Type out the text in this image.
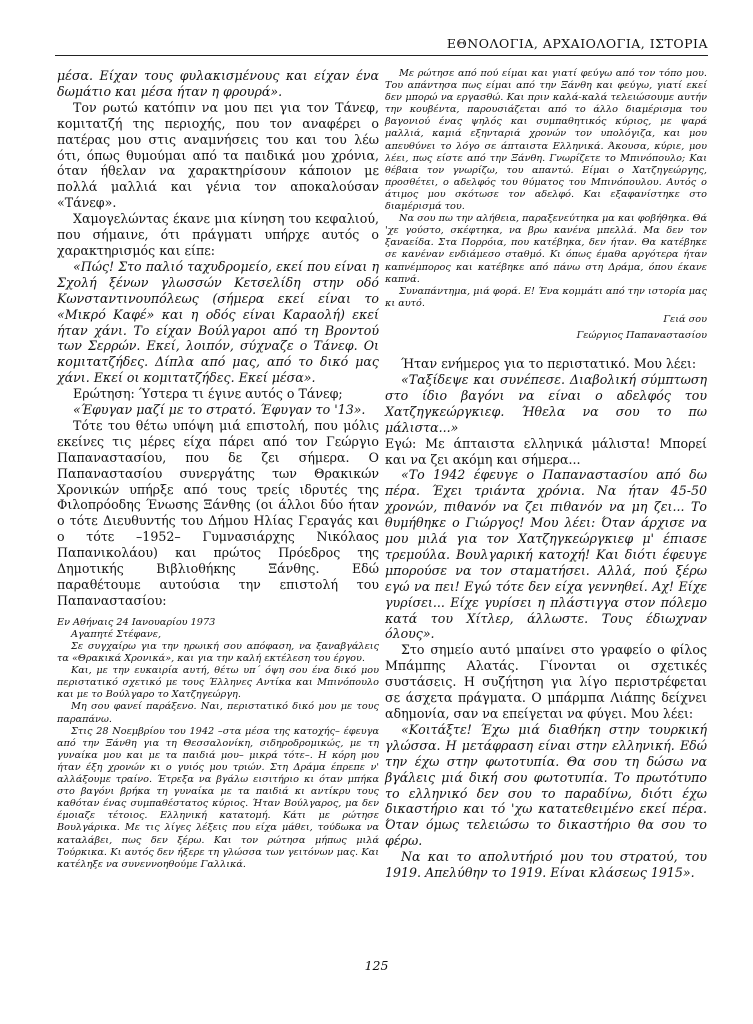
ΕΘΝΟΛΟΓΙΑ, ΑΡΧΑΙΟΛΟΓΙΑ, ΙΣΤΟΡΙΑ

μέσα. Είχαν τους φυλακισμένους και είχαν ένα δωμάτιο και μέσα ήταν η φρουρά».

Τον ρωτώ κατόπιν να μου πει για τον Τάνεφ, κομιτατζή της περιοχής, που τον αναφέρει ο πατέρας μου στις αναμνήσεις του και του λέω ότι, όπως θυμούμαι από τα παιδικά μου χρόνια, όταν ήθελαν να χαρακτηρίσουν κάποιον με πολλά μαλλιά και γένια τον αποκαλούσαν «Τάνεφ».

Χαμογελώντας έκανε μια κίνηση του κεφαλιού, που σήμαινε, ότι πράγματι υπήρχε αυτός ο χαρακτηρισμός και είπε:

«Πώς! Στο παλιό ταχυδρομείο, εκεί που είναι η Σχολή ξένων γλωσσών Κετσελίδη στην οδό Κωνσταντινουπόλεως (σήμερα εκεί είναι το «Μικρό Καφέ» και η οδός είναι Καραολή) εκεί ήταν χάνι. Το είχαν Βούλγαροι από τη Βροντού των Σερρών. Εκεί, λοιπόν, σύχναζε ο Τάνεφ. Οι κομιτατζήδες. Δίπλα από μας, από το δικό μας χάνι. Εκεί οι κομιτατζήδες. Εκεί μέσα».

Ερώτηση: Ύστερα τι έγινε αυτός ο Τάνεφ;

«Έφυγαν μαζί με το στρατό. Έφυγαν το '13».

Τότε του θέτω υπόψη μιά επιστολή, που μόλις εκείνες τις μέρες είχα πάρει από τον Γεώργιο Παπαναστασίου, που δε ζει σήμερα. Ο Παπαναστασίου συνεργάτης των Θρακικών Χρονικών υπήρξε από τους τρείς ιδρυτές της Φιλοπρόοδης Ένωσης Ξάνθης (οι άλλοι δύο ήταν ο τότε Διευθυντής του Δήμου Ηλίας Γεραγάς και ο τότε –1952– Γυμνασιάρχης Νικόλαος Παπανικολάου) και πρώτος Πρόεδρος της Δημοτικής Βιβλιοθήκης Ξάνθης. Εδώ παραθέτουμε αυτούσια την επιστολή του Παπαναστασίου:

Εν Αθήναις 24 Ιανουαρίου 1973

Αγαπητέ Στέφανε,

Σε συγχαίρω για την ηρωική σου απόφαση, να ξαναβγάλεις τα «Θρακικά Χρονικά», και για την καλή εκτέλεση του έργου.

Και, με την ευκαιρία αυτή, θέτω υπ΄ όψη σου ένα δικό μου περιστατικό σχετικό με τους Έλληνες Αντίκα και Μπινόπουλο και με το Βούλγαρο το Χατζηγεώργη.

Μη σου φανεί παράξενο. Ναι, περιστατικό δικό μου με τους παραπάνω.

Στις 28 Νοεμβρίου του 1942 –στα μέσα της κατοχής– έφευγα από την Ξάνθη για τη Θεσσαλονίκη, σιδηροδρομικώς, με τη γυναίκα μου και με τα παιδιά μου– μικρά τότε–. Η κόρη μου ήταν έξη χρονών κι ο γυιός μου τριών. Στη Δράμα έπρεπε ν' αλλάξουμε τραίνο. Έτρεξα να βγάλω εισιτήριο κι όταν μπήκα στο βαγόνι βρήκα τη γυναίκα με τα παιδιά κι αντίκρυ τους καθόταν ένας συμπαθέστατος κύριος. Ήταν Βούλγαρος, μα δεν έμοιαζε τέτοιος. Ελληνική κατατομή. Κάτι με ρώτησε Βουλγάρικα. Με τις λίγες λέξεις που είχα μάθει, τούδωκα να καταλάβει, πως δεν ξέρω. Και τον ρώτησα μήπως μιλά Τούρκικα. Κι αυτός δεν ήξερε τη γλώσσα των γειτόνων μας. Και κατέληξε να συνεννοηθούμε Γαλλικά.

Με ρώτησε από πού είμαι και γιατί φεύγω από τον τόπο μου. Του απάντησα πως είμαι από την Ξάνθη και φεύγω, γιατί εκεί δεν μπορώ να εργασθώ. Και πριν καλά-καλά τελειώσουμε αυτήν την κουβέντα, παρουσιάζεται από το άλλο διαμέρισμα του βαγονιού ένας ψηλός και συμπαθητικός κύριος, με ψαρά μαλλιά, καμιά εξηνταριά χρονών τον υπολόγιζα, και μου απευθύνει το λόγο σε άπταιστα Ελληνικά. Άκουσα, κύριε, μου λέει, πως είστε από την Ξάνθη. Γνωρίζετε το Μπινόπουλο; Και θέβαια τον γνωρίζω, του απαντώ. Είμαι ο Χατζηγεώργης, προσθέτει, ο αδελφός του θύματος του Μπινόπουλου. Αυτός ο άτιμος μου σκότωσε τον αδελφό. Και εξαφανίστηκε στο διαμέρισμά του.

Να σου πω την αλήθεια, παραξενεύτηκα μα και φοβήθηκα. Θά 'χε γούστο, σκέφτηκα, να βρω κανένα μπελλά. Μα δεν τον ξαναείδα. Στα Πορρόια, που κατέβηκα, δεν ήταν. Θα κατέβηκε σε κανέναν ενδιάμεσο σταθμό. Κι όπως έμαθα αργότερα ήταν καπνέμπορος και κατέβηκε από πάνω στη Δράμα, όπου έκανε καπνά.

Συναπάντημα, μιά φορά. Ε! Ένα κομμάτι από την ιστορία μας κι αυτό.

Γειά σου
Γεώργιος Παπαναστασίου

Ήταν ενήμερος για το περιστατικό. Μου λέει:

«Ταξίδεψε και συνέπεσε. Διαβολική σύμπτωση στο ίδιο βαγόνι να είναι ο αδελφός του Χατζηγκεώργκιεφ. Ήθελα να σου το πω μάλιστα...»

Εγώ: Με άπταιστα ελληνικά μάλιστα! Μπορεί και να ζει ακόμη και σήμερα...

«Το 1942 έφευγε ο Παπαναστασίου από δω πέρα. Έχει τριάντα χρόνια. Να ήταν 45-50 χρονών, πιθανόν να ζει πιθανόν να μη ζει... Το θυμήθηκε ο Γιώργος! Μου λέει: Όταν άρχισε να μου μιλά για τον Χατζηγκεώργκιεφ μ' έπιασε τρεμούλα. Βουλγαρική κατοχή! Και διότι έφευγε μπορούσε να τον σταματήσει. Αλλά, πού ξέρω εγώ να πει! Εγώ τότε δεν είχα γεννηθεί. Αχ! Είχε γυρίσει... Είχε γυρίσει η πλάστιγγα στον πόλεμο κατά του Χίτλερ, άλλωστε. Τους έδιωχναν όλους».

Στο σημείο αυτό μπαίνει στο γραφείο ο φίλος Μπάμπης Αλατάς. Γίνονται οι σχετικές συστάσεις. Η συζήτηση για λίγο περιστρέφεται σε άσχετα πράγματα. Ο μπάρμπα Λιάπης δείχνει αδημονία, σαν να επείγεται να φύγει. Μου λέει:

«Κοιτάξτε! Έχω μιά διαθήκη στην τουρκική γλώσσα. Η μετάφραση είναι στην ελληνική. Εδώ την έχω στην φωτοτυπία. Θα σου τη δώσω να βγάλεις μιά δική σου φωτοτυπία. Το πρωτότυπο το ελληνικό δεν σου το παραδίνω, διότι έχω δικαστήριο και τό 'χω κατατεθειμένο εκεί πέρα. Όταν όμως τελειώσω το δικαστήριο θα σου το φέρω.

Να και το απολυτήριό μου του στρατού, του 1919. Απελύθην το 1919. Είναι κλάσεως 1915».

125
